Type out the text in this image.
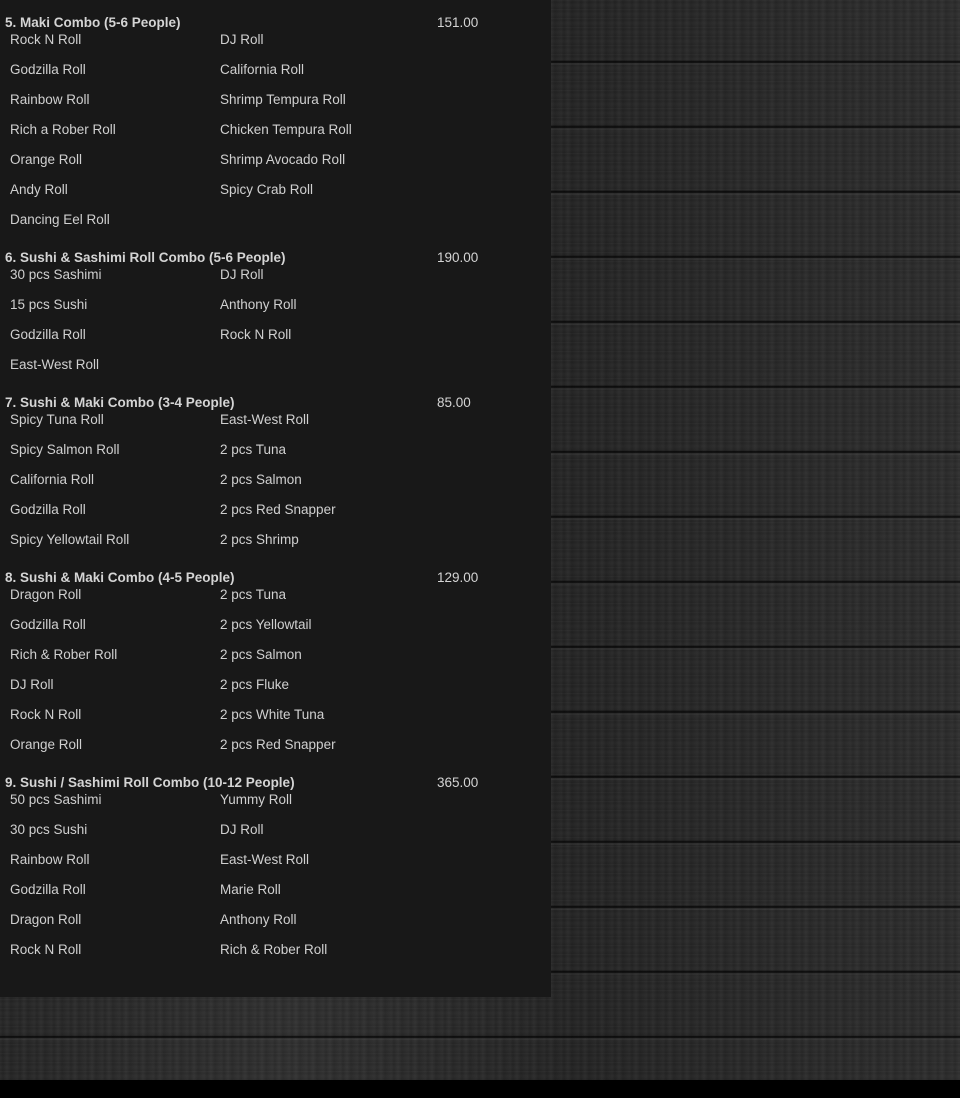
5. Maki Combo (5-6 People)	151.00
Rock N Roll	DJ Roll
Godzilla Roll	California Roll
Rainbow Roll	Shrimp Tempura Roll
Rich a Rober Roll	Chicken Tempura Roll
Orange Roll	Shrimp Avocado Roll
Andy Roll	Spicy Crab Roll
Dancing Eel Roll
6. Sushi & Sashimi Roll Combo (5-6 People)	190.00
30 pcs Sashimi	DJ Roll
15 pcs Sushi	Anthony Roll
Godzilla Roll	Rock N Roll
East-West Roll
7. Sushi & Maki Combo (3-4 People)	85.00
Spicy Tuna Roll	East-West Roll
Spicy Salmon Roll	2 pcs Tuna
California Roll	2 pcs Salmon
Godzilla Roll	2 pcs Red Snapper
Spicy Yellowtail Roll	2 pcs Shrimp
8. Sushi & Maki Combo (4-5 People)	129.00
Dragon Roll	2 pcs Tuna
Godzilla Roll	2 pcs Yellowtail
Rich & Rober Roll	2 pcs Salmon
DJ Roll	2 pcs Fluke
Rock N Roll	2 pcs White Tuna
Orange Roll	2 pcs Red Snapper
9. Sushi / Sashimi Roll Combo (10-12 People)	365.00
50 pcs Sashimi	Yummy Roll
30 pcs Sushi	DJ Roll
Rainbow Roll	East-West Roll
Godzilla Roll	Marie Roll
Dragon Roll	Anthony Roll
Rock N Roll	Rich & Rober Roll
